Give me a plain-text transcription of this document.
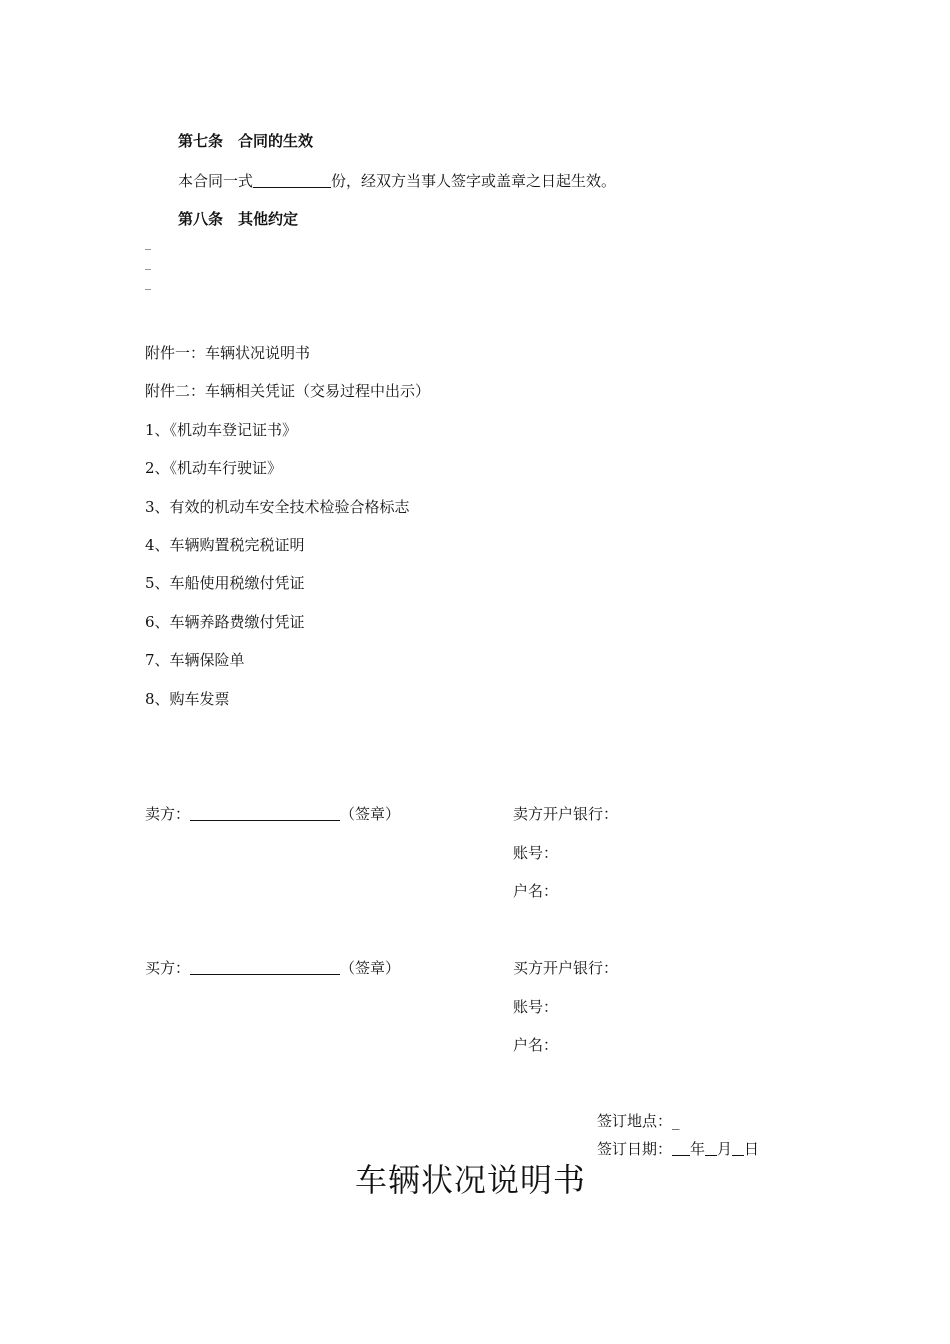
第七条　合同的生效
本合同一式	份，经双方当事人签字或盖章之日起生效。
第八条　其他约定
_
_
_
附件一：车辆状况说明书
附件二：车辆相关凭证（交易过程中出示）
1、《机动车登记证书》
2、《机动车行驶证》
3、有效的机动车安全技术检验合格标志
4、车辆购置税完税证明
5、车船使用税缴付凭证
6、车辆养路费缴付凭证
7、车辆保险单
8、购车发票
卖方：	（签章）	卖方开户银行：
账号：
户名：
买方：	（签章）	买方开户银行：
账号：
户名：
签订地点：_
签订日期： 年 月 日
车辆状况说明书
